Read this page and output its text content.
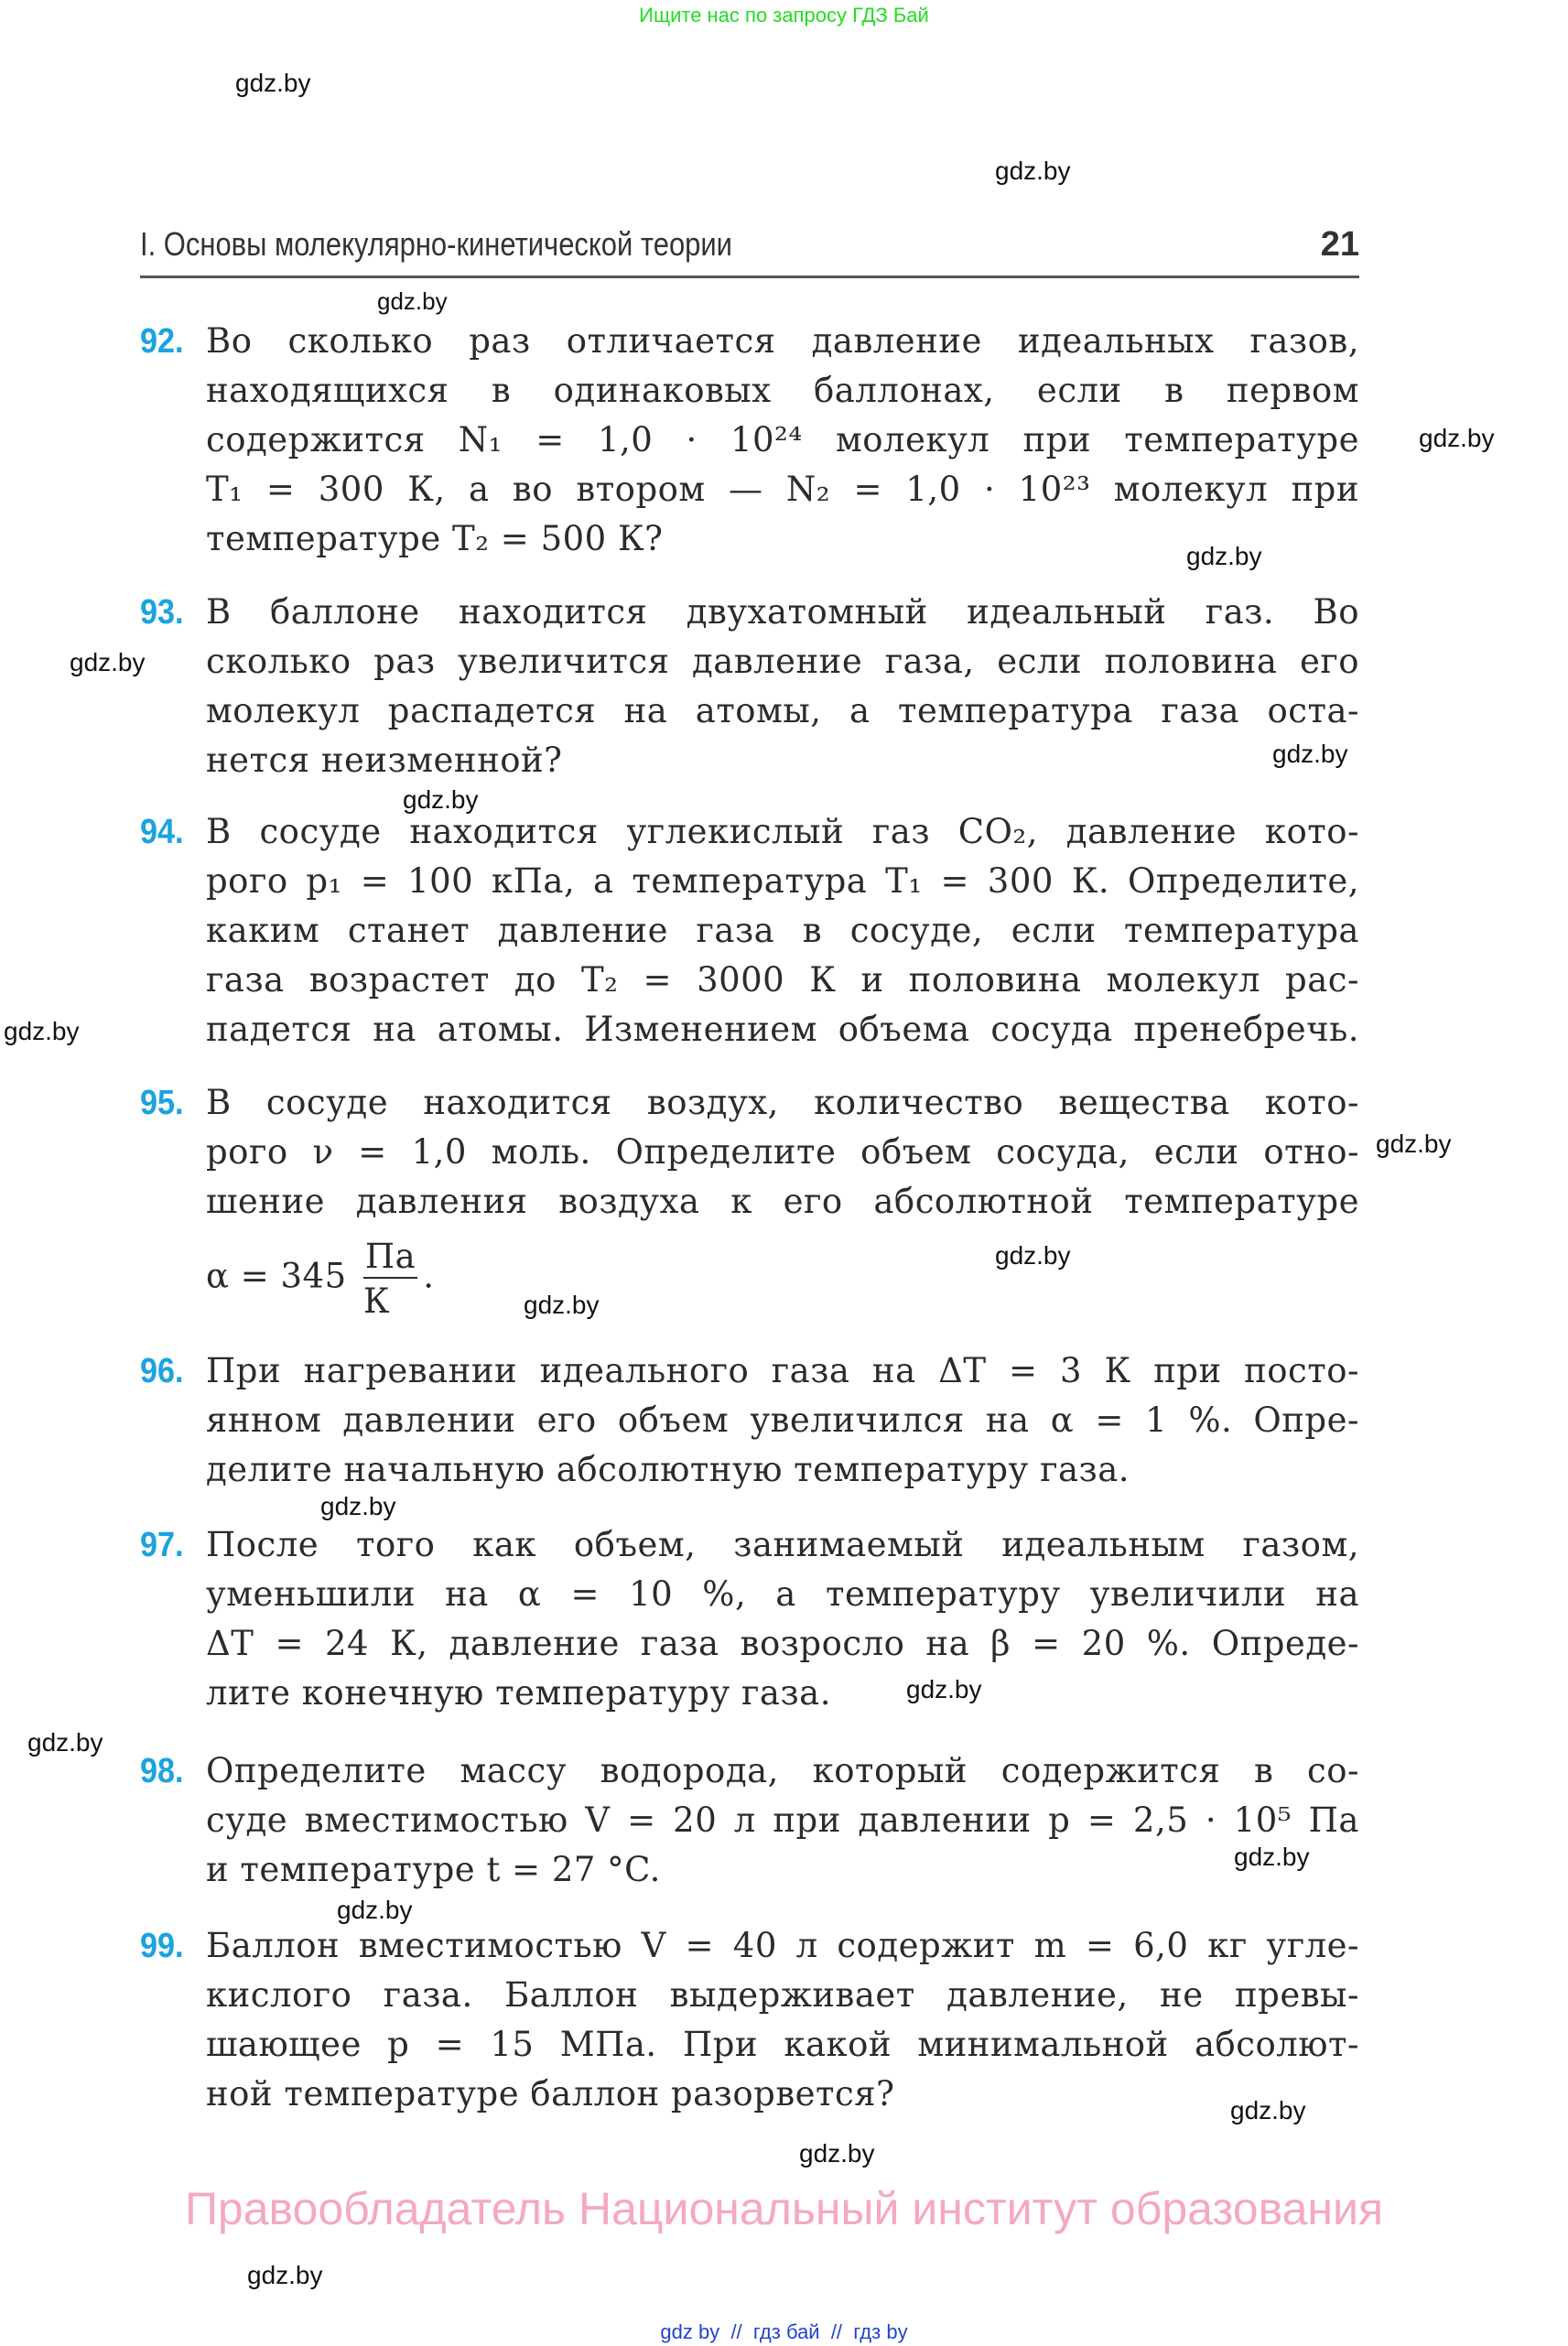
Ищите нас по запросу ГДЗ Бай
gdz.by
gdz.by
gdz.by
gdz.by
gdz.by
gdz.by
gdz.by
gdz.by
gdz.by
gdz.by
gdz.by
gdz.by
gdz.by
gdz.by
gdz.by
gdz.by
gdz.by
gdz.by
gdz.by
gdz.by
I. Основы молекулярно-кинетической теории	21
92. Во сколько раз отличается давление идеальных газов,
находящихся в одинаковых баллонах, если в первом
содержится N₁ = 1,0 · 10²⁴ молекул при температуре
T₁ = 300 К, а во втором — N₂ = 1,0 · 10²³ молекул при
температуре T₂ = 500 К?
93. В баллоне находится двухатомный идеальный газ. Во
сколько раз увеличится давление газа, если половина его
молекул распадется на атомы, а температура газа оста-
нется неизменной?
94. В сосуде находится углекислый газ CO₂, давление кото-
рого p₁ = 100 кПа, а температура T₁ = 300 К. Определите,
каким станет давление газа в сосуде, если температура
газа возрастет до T₂ = 3000 К и половина молекул рас-
падется на атомы. Изменением объема сосуда пренебречь.
95. В сосуде находится воздух, количество вещества кото-
рого ν = 1,0 моль. Определите объем сосуда, если отно-
шение давления воздуха к его абсолютной температуре
$\alpha = 345 \frac{Па}{К}$ .
96. При нагревании идеального газа на ΔT = 3 К при посто-
янном давлении его объем увеличился на α = 1 %. Опре-
делите начальную абсолютную температуру газа.
97. После того как объем, занимаемый идеальным газом,
уменьшили на α = 10 %, а температуру увеличили на
ΔT = 24 К, давление газа возросло на β = 20 %. Опреде-
лите конечную температуру газа.
98. Определите массу водорода, который содержится в со-
суде вместимостью V = 20 л при давлении p = 2,5 · 10⁵ Па
и температуре t = 27 °C.
99. Баллон вместимостью V = 40 л содержит m = 6,0 кг угле-
кислого газа. Баллон выдерживает давление, не превы-
шающее p = 15 МПа. При какой минимальной абсолют-
ной температуре баллон разорвется?
Правообладатель Национальный институт образования
gdz by  //  гдз бай  //  гдз by
